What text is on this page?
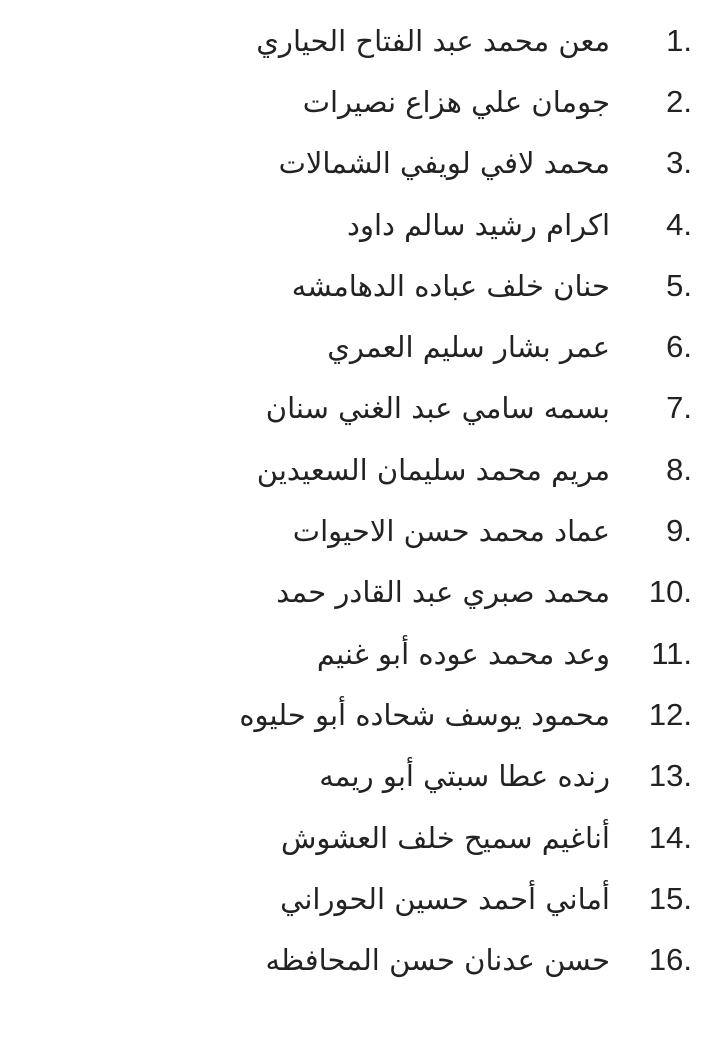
معن محمد عبد الفتاح الحياري	1.
جومان علي هزاع نصيرات	2.
محمد لافي لويفي الشمالات	3.
اكرام رشيد سالم داود	4.
حنان خلف عباده الدهامشه	5.
عمر بشار سليم العمري	6.
بسمه سامي عبد الغني سنان	7.
مريم محمد سليمان السعيدين	8.
عماد محمد حسن الاحيوات	9.
محمد صبري عبد القادر حمد	10.
وعد محمد عوده أبو غنيم	11.
محمود يوسف شحاده أبو حليوه	12.
رنده عطا سبتي أبو ريمه	13.
أناغيم سميح خلف العشوش	14.
أماني أحمد حسين الحوراني	15.
حسن عدنان حسن المحافظه	16.
